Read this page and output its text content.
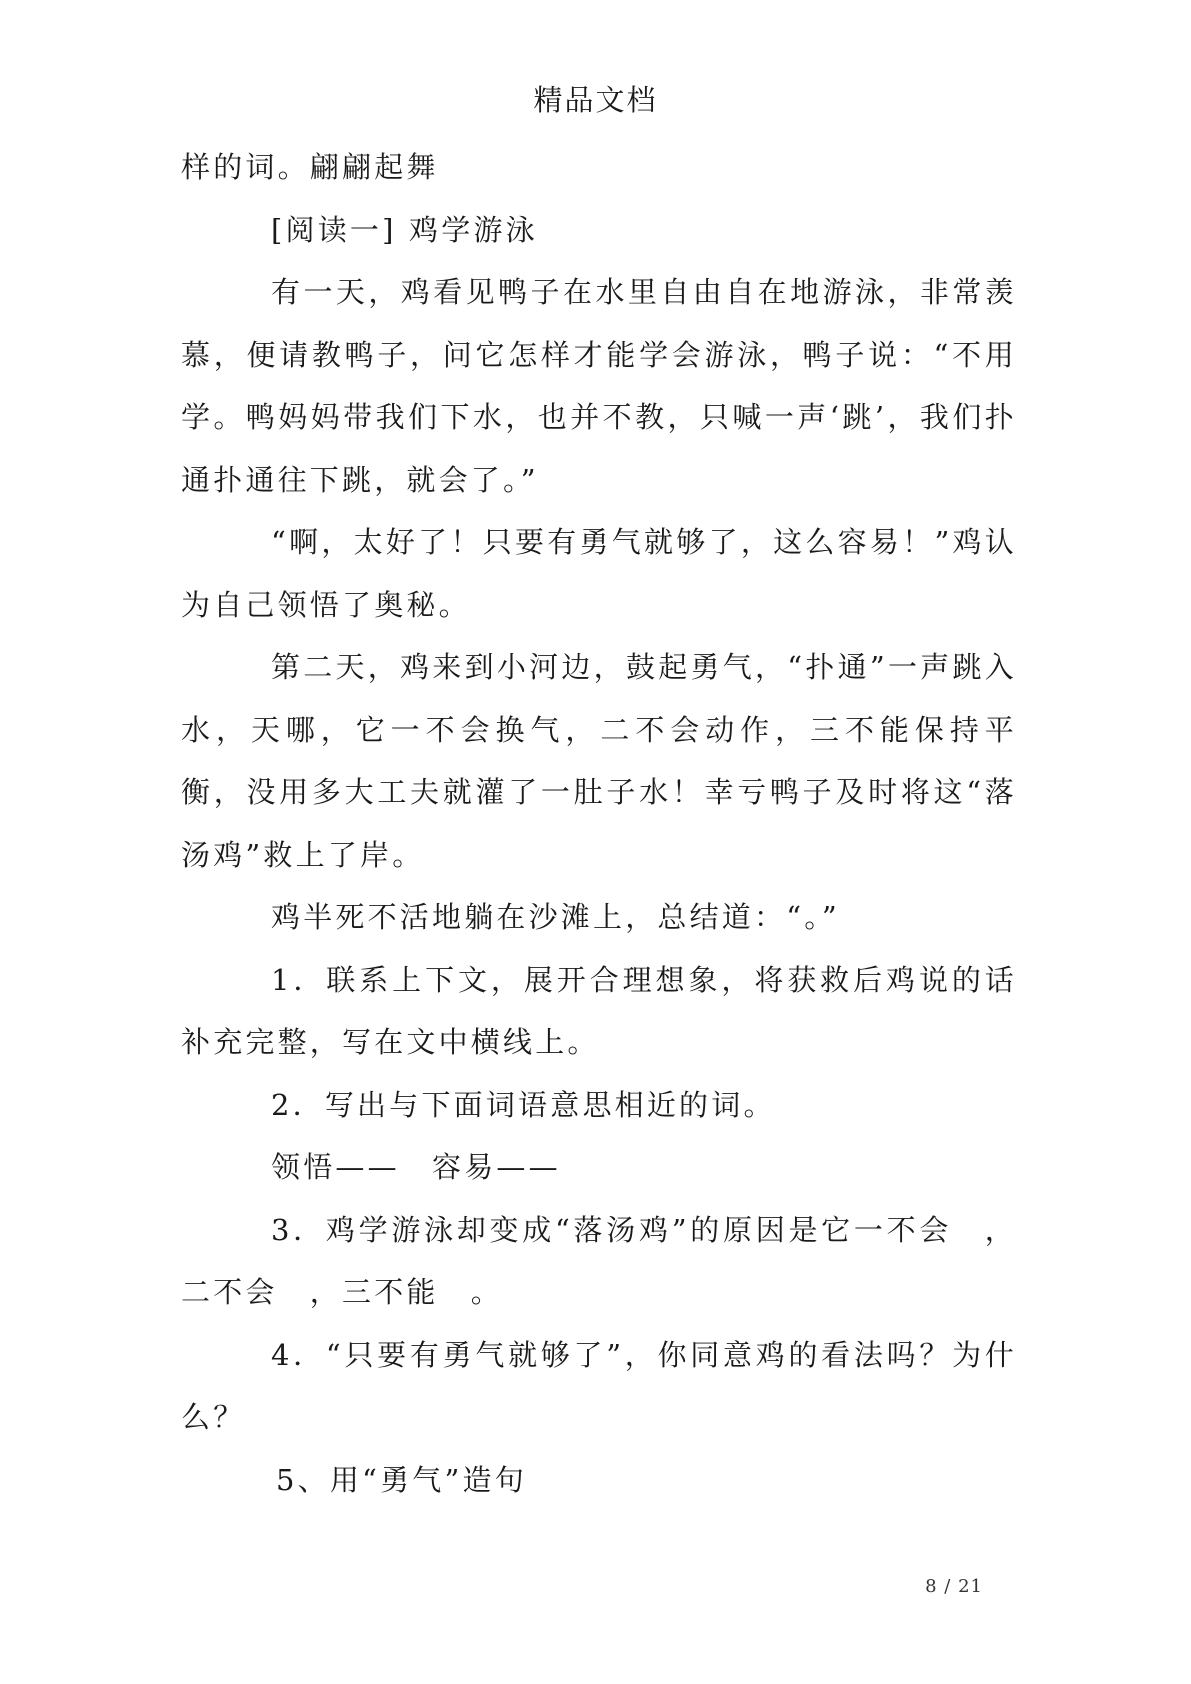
精品文档

样的词。翩翩起舞

[阅读一] 鸡学游泳

有一天，鸡看见鸭子在水里自由自在地游泳，非常羡慕，便请教鸭子，问它怎样才能学会游泳，鸭子说：“不用学。鸭妈妈带我们下水，也并不教，只喊一声‘跳’，我们扑通扑通往下跳，就会了。”

“啊，太好了！只要有勇气就够了，这么容易！”鸡认为自己领悟了奥秘。

第二天，鸡来到小河边，鼓起勇气，“扑通”一声跳入水，天哪，它一不会换气，二不会动作，三不能保持平衡，没用多大工夫就灌了一肚子水！幸亏鸭子及时将这“落汤鸡”救上了岸。

鸡半死不活地躺在沙滩上，总结道：“。”

1．联系上下文，展开合理想象，将获救后鸡说的话补充完整，写在文中横线上。

2．写出与下面词语意思相近的词。

领悟——　容易——

3．鸡学游泳却变成“落汤鸡”的原因是它一不会　，二不会　，三不能　。

4．“只要有勇气就够了”，你同意鸡的看法吗？为什么？

5、用“勇气”造句

8 / 21
